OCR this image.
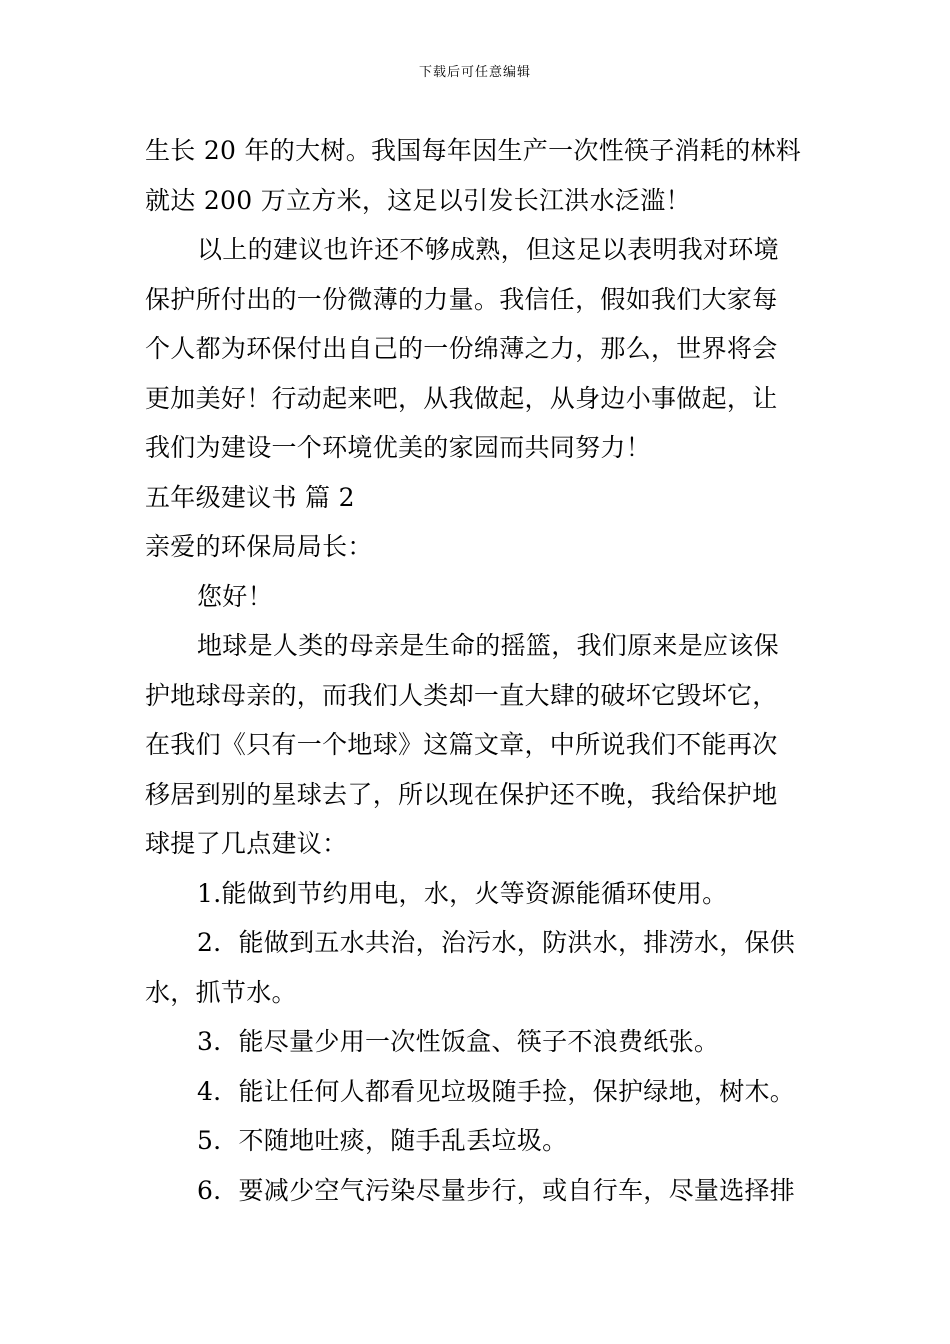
下载后可任意编辑
生长 20 年的大树。我国每年因生产一次性筷子消耗的林料
就达 200 万立方米，这足以引发长江洪水泛滥！
以上的建议也许还不够成熟，但这足以表明我对环境
保护所付出的一份微薄的力量。我信任，假如我们大家每
个人都为环保付出自己的一份绵薄之力，那么，世界将会
更加美好！行动起来吧，从我做起，从身边小事做起，让
我们为建设一个环境优美的家园而共同努力！
五年级建议书 篇 2
亲爱的环保局局长：
您好！
地球是人类的母亲是生命的摇篮，我们原来是应该保
护地球母亲的，而我们人类却一直大肆的破坏它毁坏它，
在我们《只有一个地球》这篇文章，中所说我们不能再次
移居到别的星球去了，所以现在保护还不晚，我给保护地
球提了几点建议：
1.能做到节约用电，水，火等资源能循环使用。
2．能做到五水共治，治污水，防洪水，排涝水，保供
水，抓节水。
3．能尽量少用一次性饭盒、筷子不浪费纸张。
4．能让任何人都看见垃圾随手捡，保护绿地，树木。
5．不随地吐痰，随手乱丢垃圾。
6．要减少空气污染尽量步行，或自行车，尽量选择排
